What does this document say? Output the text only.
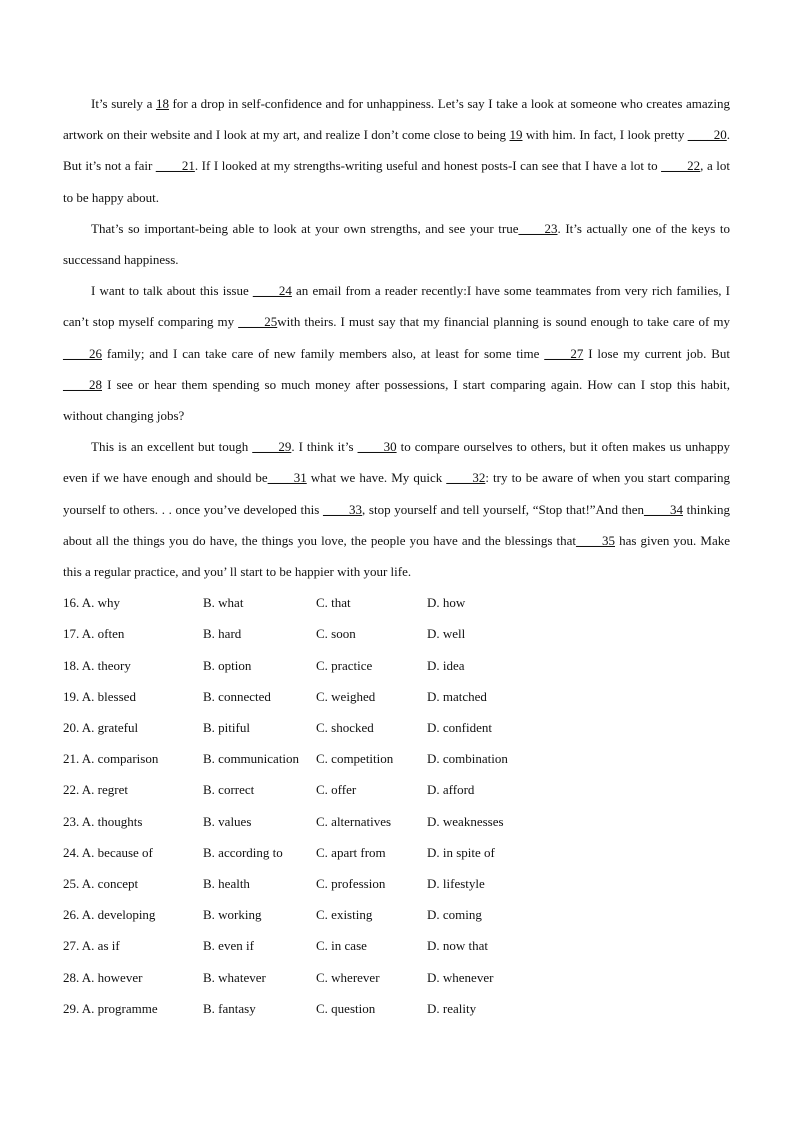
It’s surely a 18 for a drop in self-confidence and for unhappiness. Let’s say I take a look at someone who creates amazing artwork on their website and I look at my art, and realize I don’t come close to being 19 with him. In fact, I look pretty ____20. But it’s not a fair ____21. If I looked at my strengths-writing useful and honest posts-I can see that I have a lot to ____22, a lot to be happy about.

That’s so important-being able to look at your own strengths, and see your true____23. It’s actually one of the keys to successand happiness.

I want to talk about this issue ____24 an email from a reader recently:I have some teammates from very rich families, I can’t stop myself comparing my ____25with theirs. I must say that my financial planning is sound enough to take care of my ____26 family; and I can take care of new family members also, at least for some time ____27 I lose my current job. But ____28 I see or hear them spending so much money after possessions, I start comparing again. How can I stop this habit, without changing jobs?

This is an excellent but tough ____29. I think it’s ____30 to compare ourselves to others, but it often makes us unhappy even if we have enough and should be____31 what we have. My quick ____32: try to be aware of when you start comparing yourself to others. . . once you’ve developed this ____33, stop yourself and tell yourself, “Stop that!”And then____34 thinking about all the things you do have, the things you love, the people you have and the blessings that____35 has given you. Make this a regular practice, and you’ ll start to be happier with your life.

16. A. why	B. what	C. that	D. how
17. A. often	B. hard	C. soon	D. well
18. A. theory	B. option	C. practice	D. idea
19. A. blessed	B. connected	C. weighed	D. matched
20. A. grateful	B. pitiful	C. shocked	D. confident
21. A. comparison	B. communication	C. competition	D. combination
22. A. regret	B. correct	C. offer	D. afford
23. A. thoughts	B. values	C. alternatives	D. weaknesses
24. A. because of	B. according to	C. apart from	D. in spite of
25. A. concept	B. health	C. profession	D. lifestyle
26. A. developing	B. working	C. existing	D. coming
27. A. as if	B. even if	C. in case	D. now that
28. A. however	B. whatever	C. wherever	D. whenever
29. A. programme	B. fantasy	C. question	D. reality
